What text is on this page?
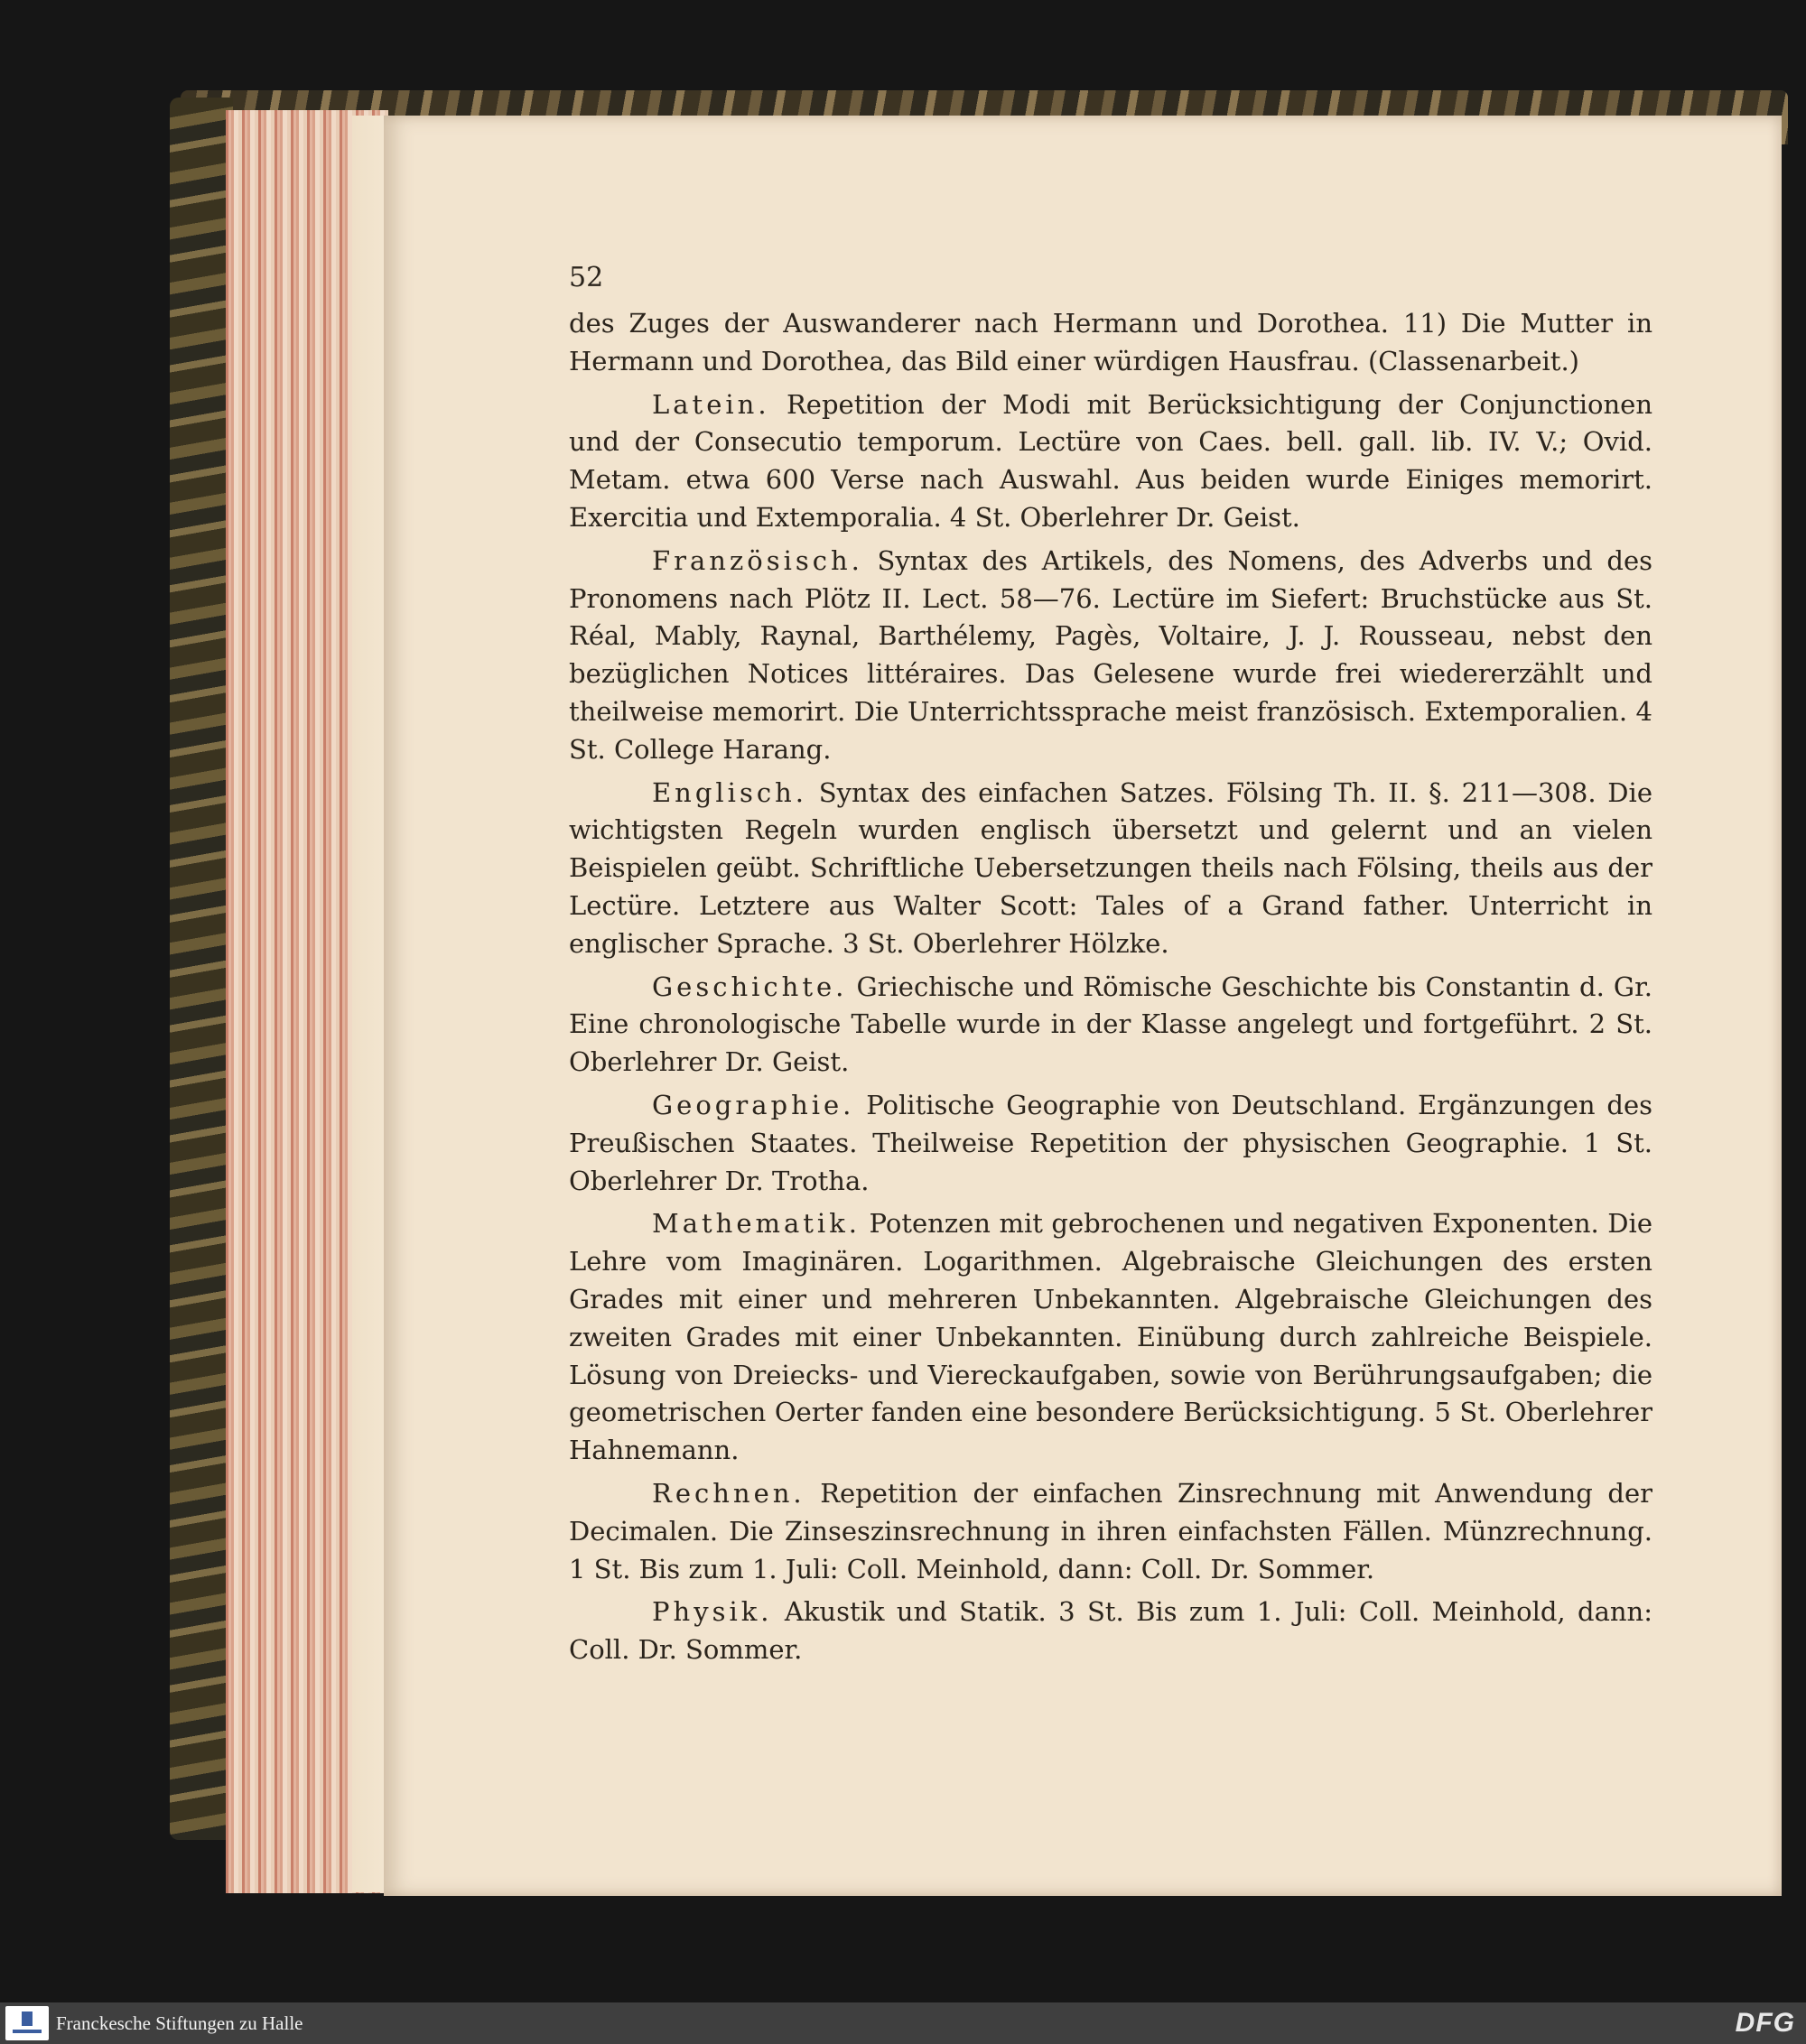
52

des Zuges der Auswanderer nach Hermann und Dorothea. 11) Die Mutter in Hermann und Dorothea, das Bild einer würdigen Hausfrau. (Classenarbeit.)

Latein. Repetition der Modi mit Berücksichtigung der Conjunctionen und der Consecutio temporum. Lectüre von Caes. bell. gall. lib. IV. V.; Ovid. Metam. etwa 600 Verse nach Auswahl. Aus beiden wurde Einiges memorirt. Exercitia und Extemporalia. 4 St. Oberlehrer Dr. Geist.

Französisch. Syntax des Artikels, des Nomens, des Adverbs und des Pronomens nach Plötz II. Lect. 58—76. Lectüre im Siefert: Bruchstücke aus St. Réal, Mably, Raynal, Barthélemy, Pagès, Voltaire, J. J. Rousseau, nebst den bezüglichen Notices littéraires. Das Gelesene wurde frei wiedererzählt und theilweise memorirt. Die Unterrichtssprache meist französisch. Extemporalien. 4 St. College Harang.

Englisch. Syntax des einfachen Satzes. Fölsing Th. II. §. 211—308. Die wichtigsten Regeln wurden englisch übersetzt und gelernt und an vielen Beispielen geübt. Schriftliche Uebersetzungen theils nach Fölsing, theils aus der Lectüre. Letztere aus Walter Scott: Tales of a Grand father. Unterricht in englischer Sprache. 3 St. Oberlehrer Hölzke.

Geschichte. Griechische und Römische Geschichte bis Constantin d. Gr. Eine chronologische Tabelle wurde in der Klasse angelegt und fortgeführt. 2 St. Oberlehrer Dr. Geist.

Geographie. Politische Geographie von Deutschland. Ergänzungen des Preußischen Staates. Theilweise Repetition der physischen Geographie. 1 St. Oberlehrer Dr. Trotha.

Mathematik. Potenzen mit gebrochenen und negativen Exponenten. Die Lehre vom Imaginären. Logarithmen. Algebraische Gleichungen des ersten Grades mit einer und mehreren Unbekannten. Algebraische Gleichungen des zweiten Grades mit einer Unbekannten. Einübung durch zahlreiche Beispiele. Lösung von Dreiecks- und Viereckaufgaben, sowie von Berührungsaufgaben; die geometrischen Oerter fanden eine besondere Berücksichtigung. 5 St. Oberlehrer Hahnemann.

Rechnen. Repetition der einfachen Zinsrechnung mit Anwendung der Decimalen. Die Zinseszinsrechnung in ihren einfachsten Fällen. Münzrechnung. 1 St. Bis zum 1. Juli: Coll. Meinhold, dann: Coll. Dr. Sommer.

Physik. Akustik und Statik. 3 St. Bis zum 1. Juli: Coll. Meinhold, dann: Coll. Dr. Sommer.

Franckesche Stiftungen zu Halle	DFG
